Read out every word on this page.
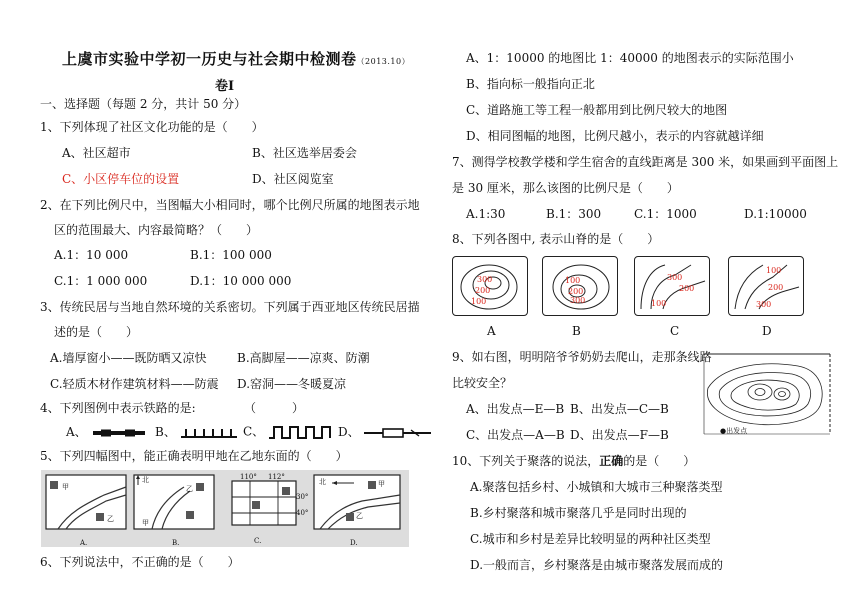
上虞市实验中学初一历史与社会期中检测卷（2013.10）
卷Ⅰ
一、选择题（每题 2 分，共计 50 分）
1、下列体现了社区文化功能的是（　　）
A、社区超市	B、社区选举居委会
C、小区停车位的设置	D、社区阅览室
2、在下列比例尺中，当图幅大小相同时，哪个比例尺所属的地图表示地
区的范围最大、内容最简略？（　　）
A.1：10 000	B.1：100 000
C.1：1 000 000	D.1：10 000 000
3、传统民居与当地自然环境的关系密切。下列属于西亚地区传统民居描
述的是（　　）
A.墙厚窗小——既防晒又凉快	B.高脚屋——凉爽、防潮
C.轻质木材作建筑材料——防震 D.窑洞——冬暖夏凉
4、下列图例中表示铁路的是:	（　　　）
A、	B、	C、	D、
5、下列四幅图中，能正确表明甲地在乙地东面的（　　）
甲
乙
A.
北
甲
乙
B.
110° 112°
30°
40°
C.
北	甲
乙
D.
6、下列说法中，不正确的是（　　）
A、1：10000 的地图比 1：40000 的地图表示的实际范围小
B、指向标一般指向正北
C、道路施工等工程一般都用到比例尺较大的地图
D、相同图幅的地图，比例尺越小，表示的内容就越详细
7、测得学校教学楼和学生宿舍的直线距离是 300 米，如果画到平面图上
是 30 厘米，那么该图的比例尺是（　　）
A.1:30	B.1：300	C.1：1000	D.1:10000
8、下列各图中, 表示山脊的是（　　）
300
200
100
A
100
200
300
B
300
200
100
C
100
200
300
D
9、如右图，明明陪爷爷奶奶去爬山，走那条线路
比较安全？
A、出发点—E—B B、出发点—C—B
C、出发点—A—B D、出发点—F—B	●出发点
10、下列关于聚落的说法，正确的是（　　）
A.聚落包括乡村、小城镇和大城市三种聚落类型
B.乡村聚落和城市聚落几乎是同时出现的
C.城市和乡村是差异比较明显的两种社区类型
D.一般而言，乡村聚落是由城市聚落发展而成的
